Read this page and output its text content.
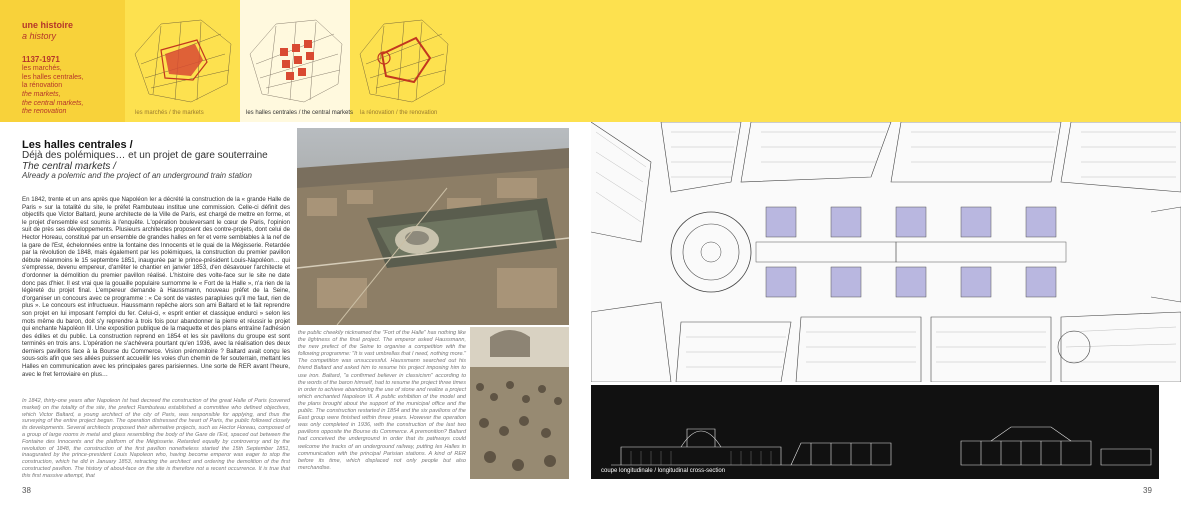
une histoire
a history
1137-1971
les marchés,
les halles centrales,
la rénovation
the markets,
the central markets,
the renovation	les marchés / the markets	les halles centrales / the central markets la rénovation / the renovation
Les halles centrales /
Déjà des polémiques… et un projet de gare souterraine
The central markets /
Already a polemic and the project of an underground train station
En 1842, trente et un ans après que Napoléon Ier a décrété la construction de la « grande Halle de Paris » sur la totalité du site, le préfet Rambuteau institue une commission. Celle-ci définit des objectifs que Victor Baltard, jeune architecte de la Ville de Paris, est chargé de mettre en forme, et le projet d'ensemble est soumis à l'enquête. L'opération bouleversant le cœur de Paris, l'opinion suit de près ses développements. Plusieurs architectes proposent des contre-projets, dont celui de Hector Horeau, constitué par un ensemble de grandes halles en fer et verre semblables à la nef de la gare de l'Est, échelonnées entre la fontaine des Innocents et le quai de la Mégisserie. Retardée par la révolution de 1848, mais également par les polémiques, la construction du premier pavillon débute néanmoins le 15 septembre 1851, inaugurée par le prince-président Louis-Napoléon… qui s'empresse, devenu empereur, d'arrêter le chantier en janvier 1853, d'en désavouer l'architecte et d'ordonner la démolition du premier pavillon réalisé. L'histoire des volte-face sur le site ne date donc pas d'hier. Il est vrai que la gouaille populaire surnomme le « Fort de la Halle », n'a rien de la légèreté du projet final. L'empereur demande à Haussmann, nouveau préfet de la Seine, d'organiser un concours avec ce programme : « Ce sont de vastes parapluies qu'il me faut, rien de plus ». Le concours est infructueux. Haussmann repêche alors son ami Baltard et le fait reprendre son projet en lui imposant l'emploi du fer. Celui-ci, « esprit entier et classique endurci » selon les mots même du baron, doit s'y reprendre à trois fois pour abandonner la pierre et réussir le projet qui enchante Napoléon III. Une exposition publique de la maquette et des plans entraîne l'adhésion des édiles et du public. La construction reprend en 1854 et les six pavillons du groupe est sont terminés en trois ans. L'opération ne s'achèvera pourtant qu'en 1936, avec la réalisation des deux derniers pavillons face à la Bourse du Commerce. Vision prémonitoire ? Baltard avait conçu les sous-sols afin que ses allées puissent accueillir les voies d'un chemin de fer souterrain, mettant les Halles en communication avec les principales gares parisiennes. Une sorte de RER avant l'heure, avec le fret ferroviaire en plus…
In 1842, thirty-one years after Napoleon Ist had decreed the construction of the great Halle of Paris (covered market) on the totality of the site, the prefect Rambuteau established a committee who defined objectives, which Victor Baltard, a young architect of the city of Paris, was responsible for applying, and thus the surveying of the entire project began. The operation distressed the heart of Paris, the public followed closely its developments. Several architects proposed their alternative projects, such as Hector Horeau, composed of a group of large rooms in metal and glass resembling the body of the Gare de l'Est, spaced out between the Fontaine des Innocents and the platform of the Mégisserie. Retarded equally by controversy and by the revolution of 1848, the construction of the first pavilion nonetheless started the 15th September 1851, inaugurated by the prince-president Louis Napoleon who, having become emperor was eager to stop the construction, which he did in January 1853, retracting the architect and ordering the demolition of the first constructed pavilion. The history of about-face on the site is therefore not a recent occurrence. It is true that this first massive attempt, that
the public cheekily nicknamed the "Fort of the Halle" has nothing like the lightness of the final project. The emperor asked Haussmann, the new prefect of the Seine to organise a competition with the following programme: "It is vast umbrellas that I need, nothing more." The competition was unsuccessful. Haussmann searched out his friend Baltard and asked him to resume his project imposing him to use iron. Baltard, "a confirmed believer in classicism" according to the words of the baron himself, had to resume the project three times in order to achieve abandoning the use of stone and realize a project which enchanted Napoleon III. A public exhibition of the model and the plans brought about the support of the municipal office and the public. The construction restarted in 1854 and the six pavilions of the East group were finished within three years. However the operation was only completed in 1936, with the construction of the last two pavilions opposite the Bourse du Commerce. A premonition? Baltard had conceived the underground in order that its pathways could welcome the tracks of an underground railway, putting les Halles in communication with the principal Parisian stations. A kind of RER before its time, which displaced not only people but also merchandise.
coupe longitudinale / longitudinal cross-section
38	39
